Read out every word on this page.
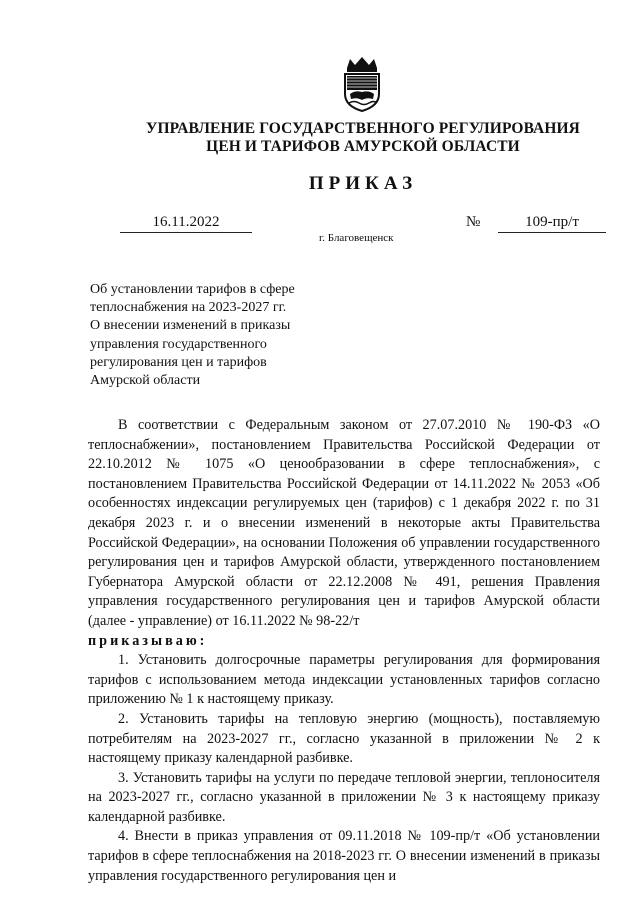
УПРАВЛЕНИЕ ГОСУДАРСТВЕННОГО РЕГУЛИРОВАНИЯ
ЦЕН И ТАРИФОВ АМУРСКОЙ ОБЛАСТИ
ПРИКАЗ
16.11.2022	№	109-пр/т
г. Благовещенск
Об установлении тарифов в сфере
теплоснабжения на 2023-2027 гг.
О внесении изменений в приказы
управления государственного
регулирования цен и тарифов
Амурской области

В соответствии с Федеральным законом от 27.07.2010 № 190-ФЗ «О теплоснабжении», постановлением Правительства Российской Федерации от 22.10.2012 № 1075 «О ценообразовании в сфере теплоснабжения», с постановлением Правительства Российской Федерации от 14.11.2022 № 2053 «Об особенностях индексации регулируемых цен (тарифов) с 1 декабря 2022 г. по 31 декабря 2023 г. и о внесении изменений в некоторые акты Правительства Российской Федерации», на основании Положения об управлении государственного регулирования цен и тарифов Амурской области, утвержденного постановлением Губернатора Амурской области от 22.12.2008 № 491, решения Правления управления государственного регулирования цен и тарифов Амурской области (далее - управление) от 16.11.2022 № 98-22/т

приказываю:

1. Установить долгосрочные параметры регулирования для формирования тарифов с использованием метода индексации установленных тарифов согласно приложению № 1 к настоящему приказу.

2. Установить тарифы на тепловую энергию (мощность), поставляемую потребителям на 2023-2027 гг., согласно указанной в приложении № 2 к настоящему приказу календарной разбивке.

3. Установить тарифы на услуги по передаче тепловой энергии, теплоносителя на 2023-2027 гг., согласно указанной в приложении № 3 к настоящему приказу календарной разбивке.

4. Внести в приказ управления от 09.11.2018 № 109-пр/т «Об установлении тарифов в сфере теплоснабжения на 2018-2023 гг. О внесении изменений в приказы управления государственного регулирования цен и
